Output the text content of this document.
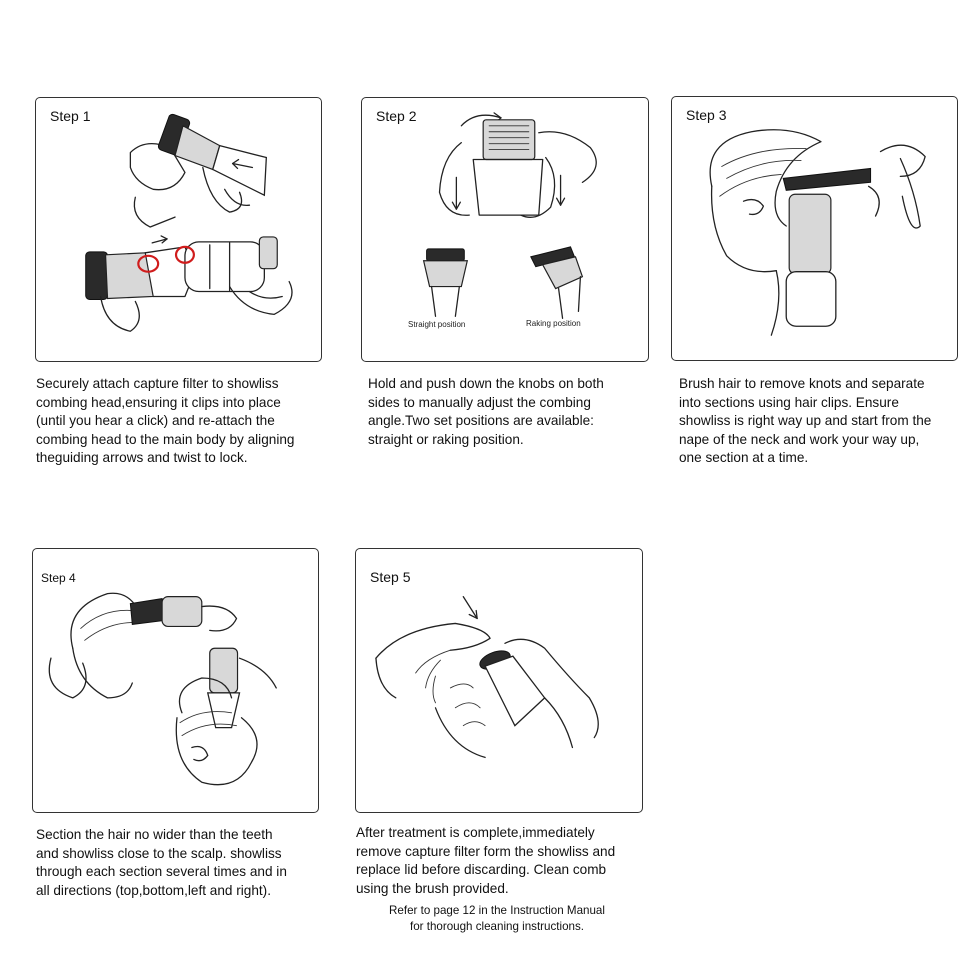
Step 1

Securely attach capture filter to showliss
combing head,ensuring it clips into place
(until you hear a click) and re-attach the
combing head to the main body by aligning
theguiding arrows and twist to lock.

Step 2
Straight position	Raking position

Hold and push down the knobs on both
sides to manually adjust the combing
angle.Two set positions are available:
straight or raking position.

Step 3

Brush hair to remove knots and separate
into sections using hair clips. Ensure
showliss is right way up and start from the
nape of the neck and work your way up,
one section at a time.

Step 4

Section the hair no wider than the teeth
and showliss close to the scalp. showliss
through each section several times and in
all directions (top,bottom,left and right).

Step 5

After treatment is complete,immediately
remove capture filter form the showliss and
replace lid before discarding. Clean comb
using the brush provided.

Refer to page 12 in the Instruction Manual
for thorough cleaning instructions.
